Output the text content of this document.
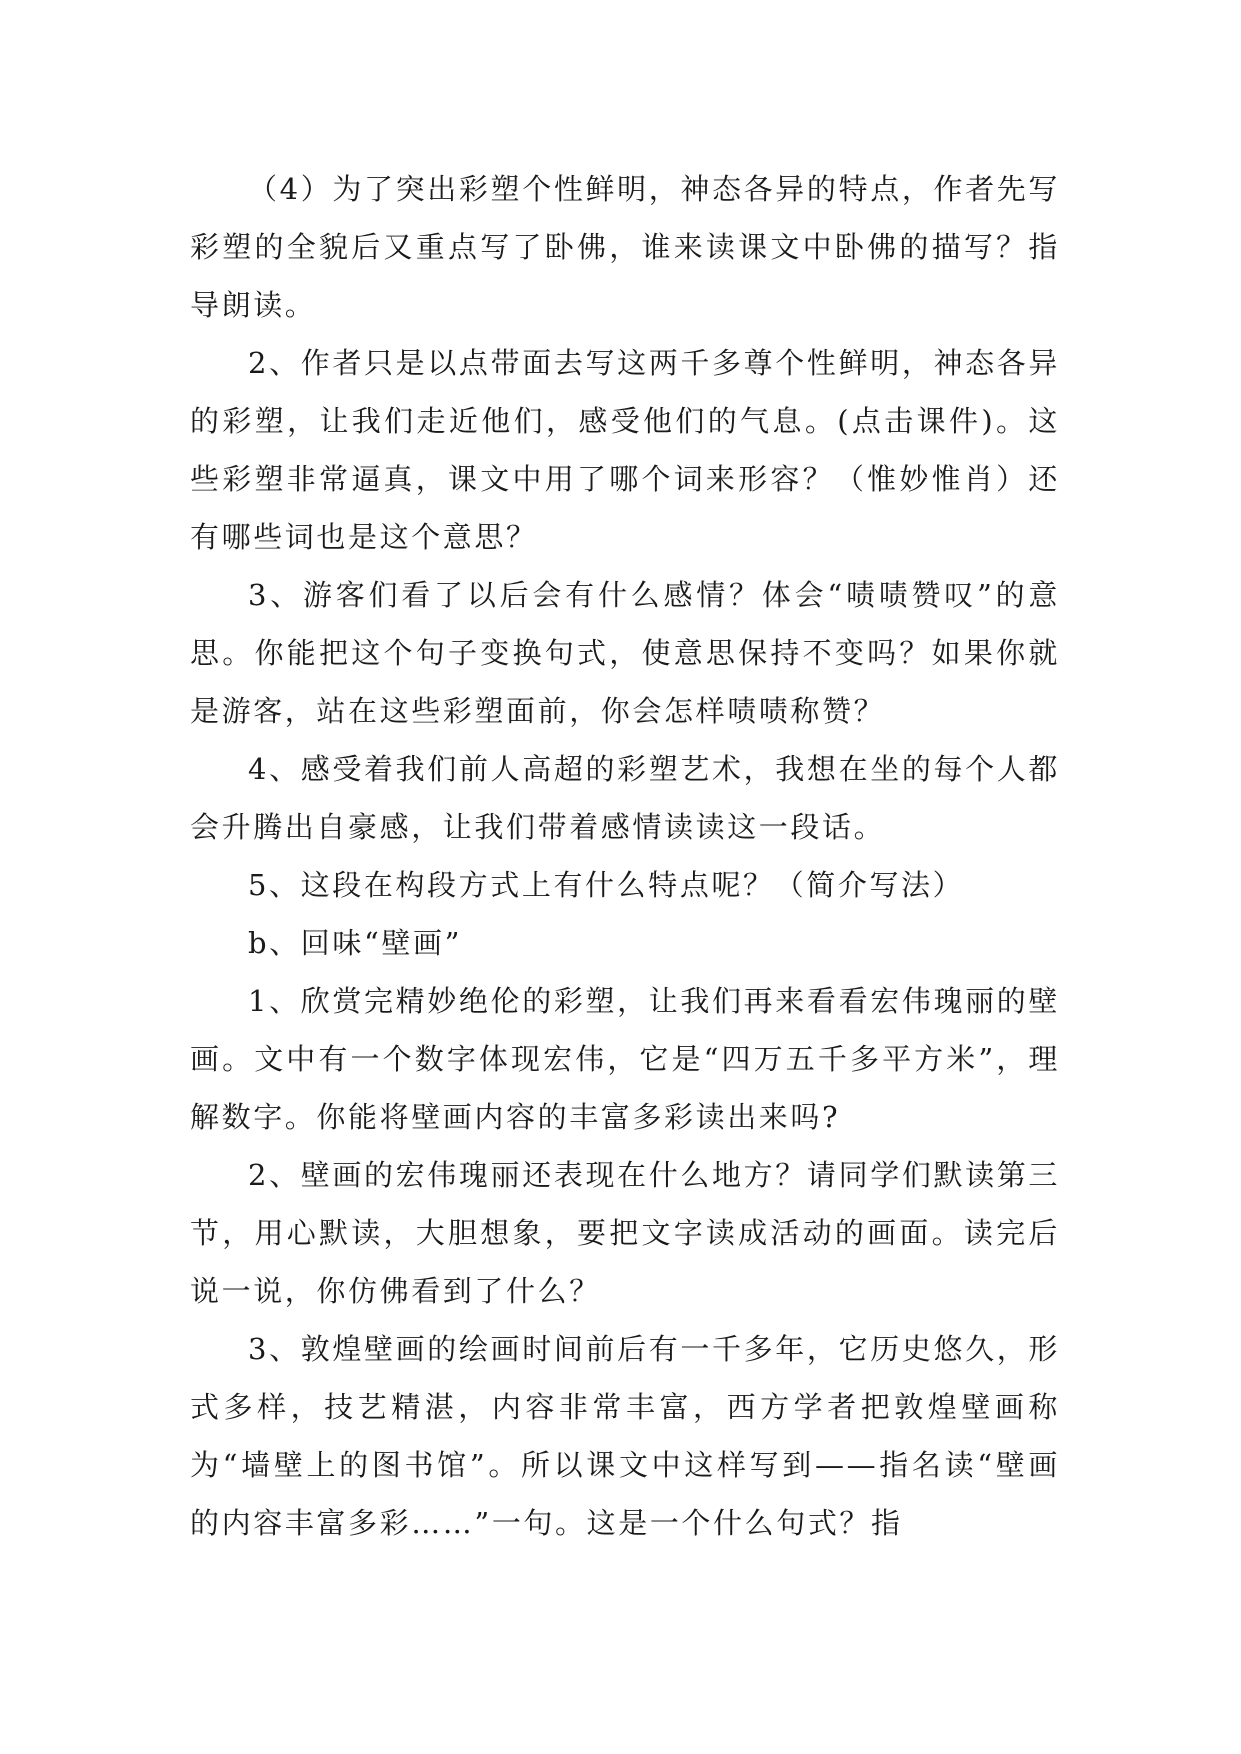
（4）为了突出彩塑个性鲜明，神态各异的特点，作者先写彩塑的全貌后又重点写了卧佛，谁来读课文中卧佛的描写？指导朗读。

2、作者只是以点带面去写这两千多尊个性鲜明，神态各异的彩塑，让我们走近他们，感受他们的气息。(点击课件)。这些彩塑非常逼真，课文中用了哪个词来形容？（惟妙惟肖）还有哪些词也是这个意思？

3、游客们看了以后会有什么感情？体会“啧啧赞叹”的意思。你能把这个句子变换句式，使意思保持不变吗？如果你就是游客，站在这些彩塑面前，你会怎样啧啧称赞？

4、感受着我们前人高超的彩塑艺术，我想在坐的每个人都会升腾出自豪感，让我们带着感情读读这一段话。

5、这段在构段方式上有什么特点呢？（简介写法）

b、回味“壁画”

1、欣赏完精妙绝伦的彩塑，让我们再来看看宏伟瑰丽的壁画。文中有一个数字体现宏伟，它是“四万五千多平方米”，理解数字。你能将壁画内容的丰富多彩读出来吗?

2、壁画的宏伟瑰丽还表现在什么地方？请同学们默读第三节，用心默读，大胆想象，要把文字读成活动的画面。读完后说一说，你仿佛看到了什么？

3、敦煌壁画的绘画时间前后有一千多年，它历史悠久，形式多样，技艺精湛，内容非常丰富，西方学者把敦煌壁画称为“墙壁上的图书馆”。所以课文中这样写到——指名读“壁画的内容丰富多彩……”一句。这是一个什么句式？指
